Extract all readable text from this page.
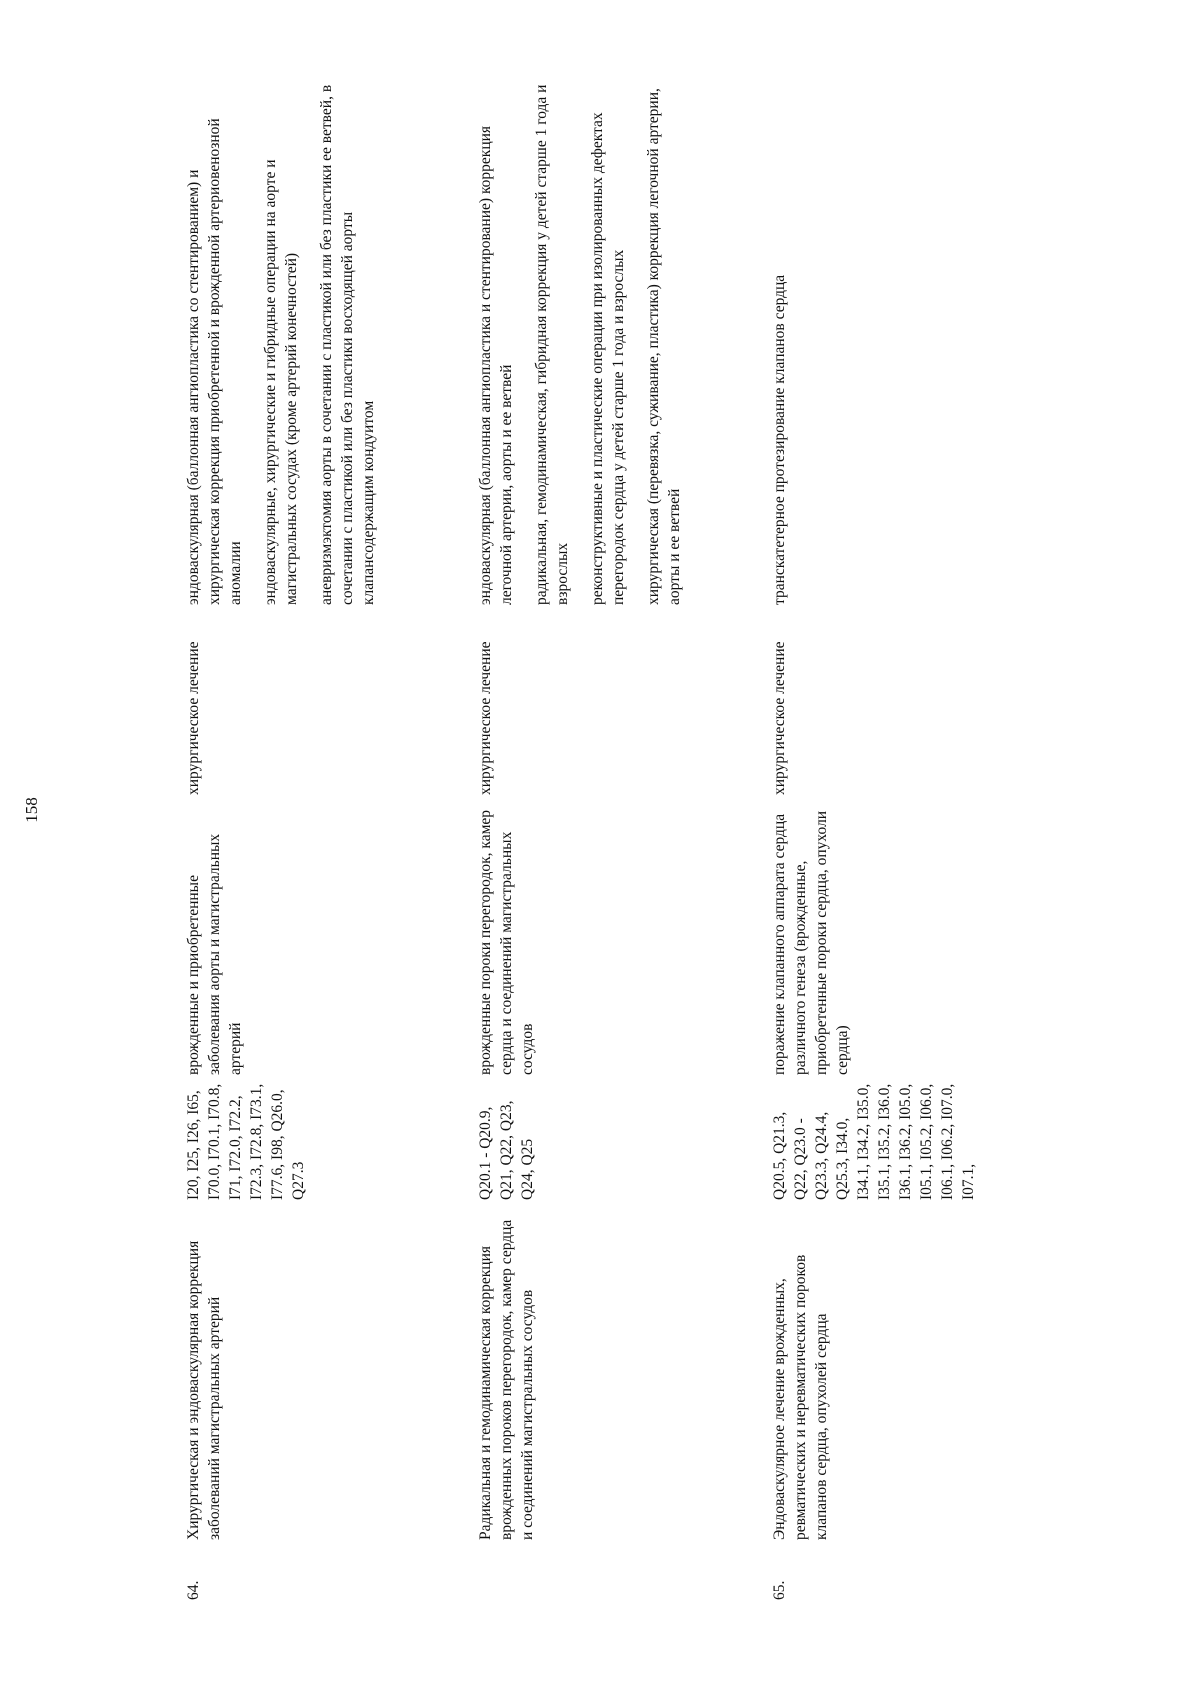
158
64.
Хирургическая и эндоваскулярная коррекция заболеваний магистральных артерий
I20, I25, I26, I65, I70.0, I70.1, I70.8, I71, I72.0, I72.2, I72.3, I72.8, I73.1, I77.6, I98, Q26.0, Q27.3
врожденные и приобретенные заболевания аорты и магистральных артерий
хирургическое лечение
эндоваскулярная (баллонная ангиопластика со стентированием) и хирургическая коррекция приобретенной и врожденной артериовенозной аномалии эндоваскулярные, хирургические и гибридные операции на аорте и магистральных сосудах (кроме артерий конечностей) аневризмэктомия аорты в сочетании с пластикой или без пластики ее ветвей, в сочетании с пластикой или без пластики восходящей аорты клапансодержащим кондуитом
Радикальная и гемодинамическая коррекция врожденных пороков перегородок, камер сердца и соединений магистральных сосудов
Q20.1 - Q20.9, Q21, Q22, Q23, Q24, Q25
врожденные пороки перегородок, камер сердца и соединений магистральных сосудов
хирургическое лечение
эндоваскулярная (баллонная ангиопластика и стентирование) коррекция легочной артерии, аорты и ее ветвей радикальная, гемодинамическая, гибридная коррекция у детей старше 1 года и взрослых реконструктивные и пластические операции при изолированных дефектах перегородок сердца у детей старше 1 года и взрослых хирургическая (перевязка, суживание, пластика) коррекция легочной артерии, аорты и ее ветвей
65.
Эндоваскулярное лечение врожденных, ревматических и неревматических пороков клапанов сердца, опухолей сердца
Q20.5, Q21.3, Q22, Q23.0 - Q23.3, Q24.4, Q25.3, I34.0, I34.1, I34.2, I35.0, I35.1, I35.2, I36.0, I36.1, I36.2, I05.0, I05.1, I05.2, I06.0, I06.1, I06.2, I07.0, I07.1,
поражение клапанного аппарата сердца различного генеза (врожденные, приобретенные пороки сердца, опухоли сердца)
хирургическое лечение
транскатетерное протезирование клапанов сердца
